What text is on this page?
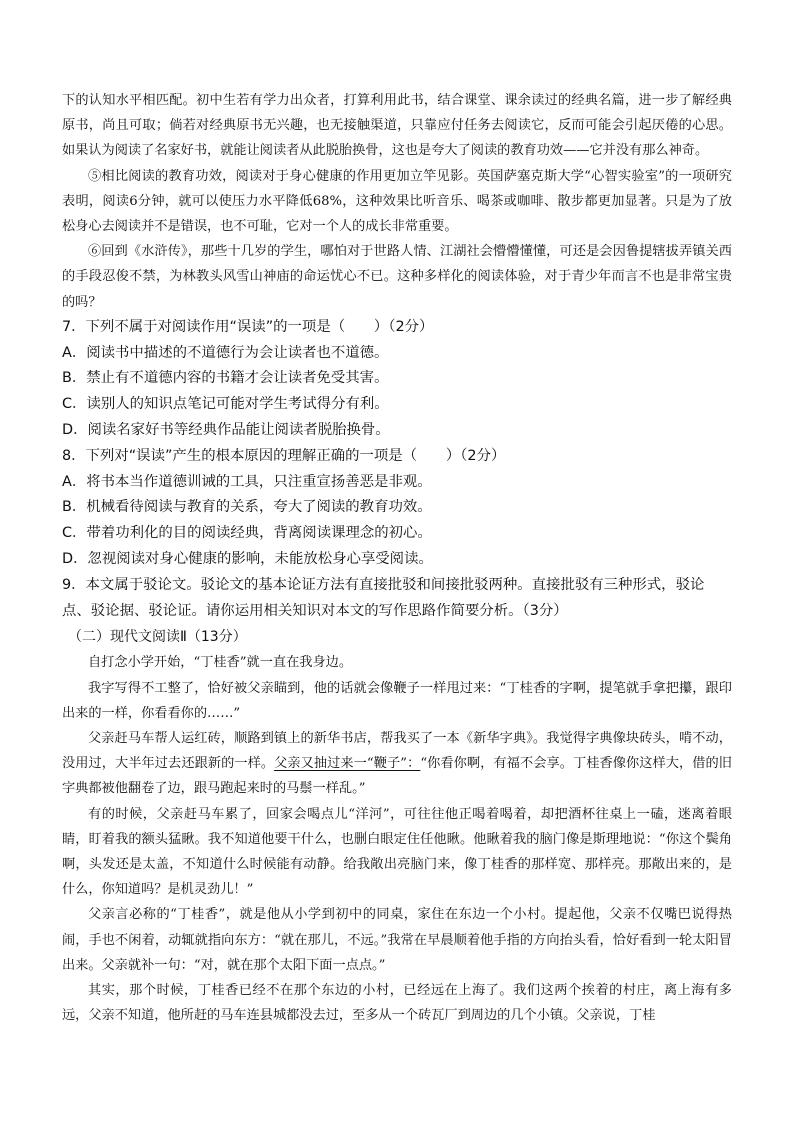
下的认知水平相匹配。初中生若有学力出众者，打算利用此书，结合课堂、课余读过的经典名篇，进一步了解经典原书，尚且可取；倘若对经典原书无兴趣，也无接触渠道，只靠应付任务去阅读它，反而可能会引起厌倦的心思。如果认为阅读了名家好书，就能让阅读者从此脱胎换骨，这也是夸大了阅读的教育功效——它并没有那么神奇。

⑤相比阅读的教育功效，阅读对于身心健康的作用更加立竿见影。英国萨塞克斯大学“心智实验室”的一项研究表明，阅读6分钟，就可以使压力水平降低68%，这种效果比听音乐、喝茶或咖啡、散步都更加显著。只是为了放松身心去阅读并不是错误，也不可耻，它对一个人的成长非常重要。

⑥回到《水浒传》，那些十几岁的学生，哪怕对于世路人情、江湖社会懵懵懂懂，可还是会因鲁提辖拔弄镇关西的手段忍俊不禁，为林教头风雪山神庙的命运忧心不已。这种多样化的阅读体验，对于青少年而言不也是非常宝贵的吗？

7．下列不属于对阅读作用“误读”的一项是（　　）（2分）

A．阅读书中描述的不道德行为会让读者也不道德。

B．禁止有不道德内容的书籍才会让读者免受其害。

C．读别人的知识点笔记可能对学生考试得分有利。

D．阅读名家好书等经典作品能让阅读者脱胎换骨。

8．下列对“误读”产生的根本原因的理解正确的一项是（　　）（2分）

A．将书本当作道德训诫的工具，只注重宣扬善恶是非观。

B．机械看待阅读与教育的关系，夸大了阅读的教育功效。

C．带着功利化的目的阅读经典，背离阅读课理念的初心。

D．忽视阅读对身心健康的影响，未能放松身心享受阅读。

9．本文属于驳论文。驳论文的基本论证方法有直接批驳和间接批驳两种。直接批驳有三种形式，驳论点、驳论据、驳论证。请你运用相关知识对本文的写作思路作简要分析。（3分）

（二）现代文阅读Ⅱ（13分）

自打念小学开始，“丁桂香”就一直在我身边。

我字写得不工整了，恰好被父亲瞄到，他的话就会像鞭子一样甩过来：“丁桂香的字啊，提笔就手拿把攥，跟印出来的一样，你看看你的……”

父亲赶马车帮人运红砖，顺路到镇上的新华书店，帮我买了一本《新华字典》。我觉得字典像块砖头，啃不动，没用过，大半年过去还跟新的一样。父亲又抽过来一“鞭子”：“你看你啊，有福不会享。丁桂香像你这样大，借的旧字典都被他翻卷了边，跟马跑起来时的马鬃一样乱。”

有的时候，父亲赶马车累了，回家会喝点儿“洋河”，可往往他正喝着喝着，却把酒杯往桌上一磕，迷离着眼睛，盯着我的额头猛瞅。我不知道他要干什么，也删白眼定住任他瞅。他瞅着我的脑门像是斯理地说：“你这个鬓角啊，头发还是太盖，不知道什么时候能有动静。给我敞出亮脑门来，像丁桂香的那样宽、那样亮。那敞出来的，是什么，你知道吗？是机灵劲儿！”

父亲言必称的“丁桂香”，就是他从小学到初中的同桌，家住在东边一个小村。提起他，父亲不仅嘴巴说得热闹，手也不闲着，动辄就指向东方：“就在那儿，不远。”我常在早晨顺着他手指的方向抬头看，恰好看到一轮太阳冒出来。父亲就补一句：“对，就在那个太阳下面一点点。”

其实，那个时候，丁桂香已经不在那个东边的小村，已经远在上海了。我们这两个挨着的村庄，离上海有多远，父亲不知道，他所赶的马车连县城都没去过，至多从一个砖瓦厂到周边的几个小镇。父亲说，丁桂
